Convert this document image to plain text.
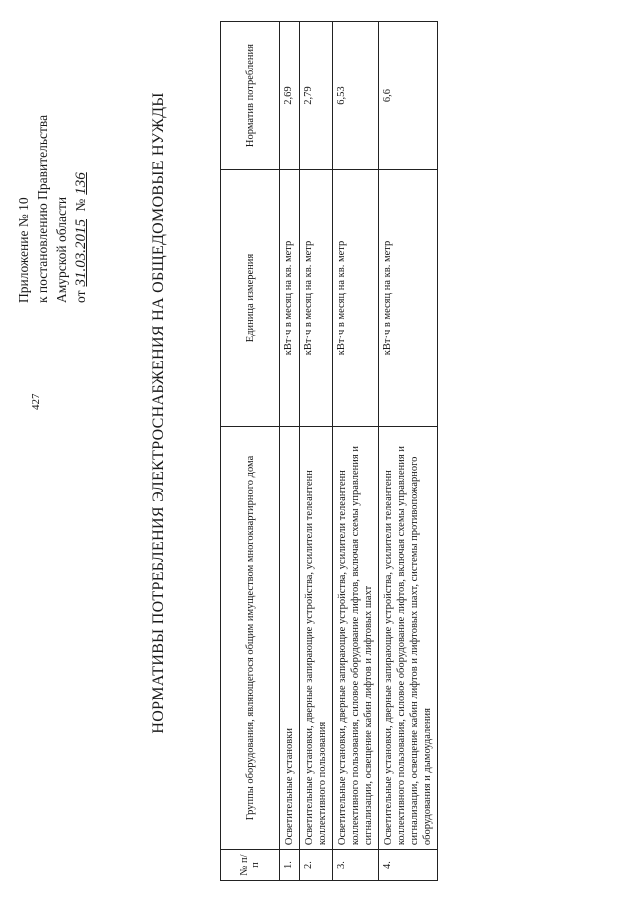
427
Приложение № 10 к постановлению Правительства Амурской области от31.03.2015 №136	НОРМАТИВЫ ПОТРЕБЛЕНИЯ ЭЛЕКТРОСНАБЖЕНИЯ НА ОБЩЕДОМОВЫЕ НУЖДЫ
№ п/п	Группы оборудования, являющегося общим имуществом многоквартирного дома	Единица измерения	Норматив потребления
1.	Осветительные установки	кВт·ч в месяц на кв. метр	2,69
2.	Осветительные установки, дверные запирающие устройства, усилители телеантенн коллективного пользования	кВт·ч в месяц на кв. метр	2,79
3.	Осветительные установки, дверные запирающие устройства, усилители телеантенн коллективного пользования, силовое оборудование лифтов, включая схемы управления и сигнализации, освещение кабин лифтов и лифтовых шахт	кВт·ч в месяц на кв. метр	6,53
4.	Осветительные установки, дверные запирающие устройства, усилители телеантенн коллективного пользования, силовое оборудование лифтов, включая схемы управления и сигнализации, освещение кабин лифтов и лифтовых шахт, системы противопожарного оборудования и дымоудаления	кВт·ч в месяц на кв. метр	6,6
